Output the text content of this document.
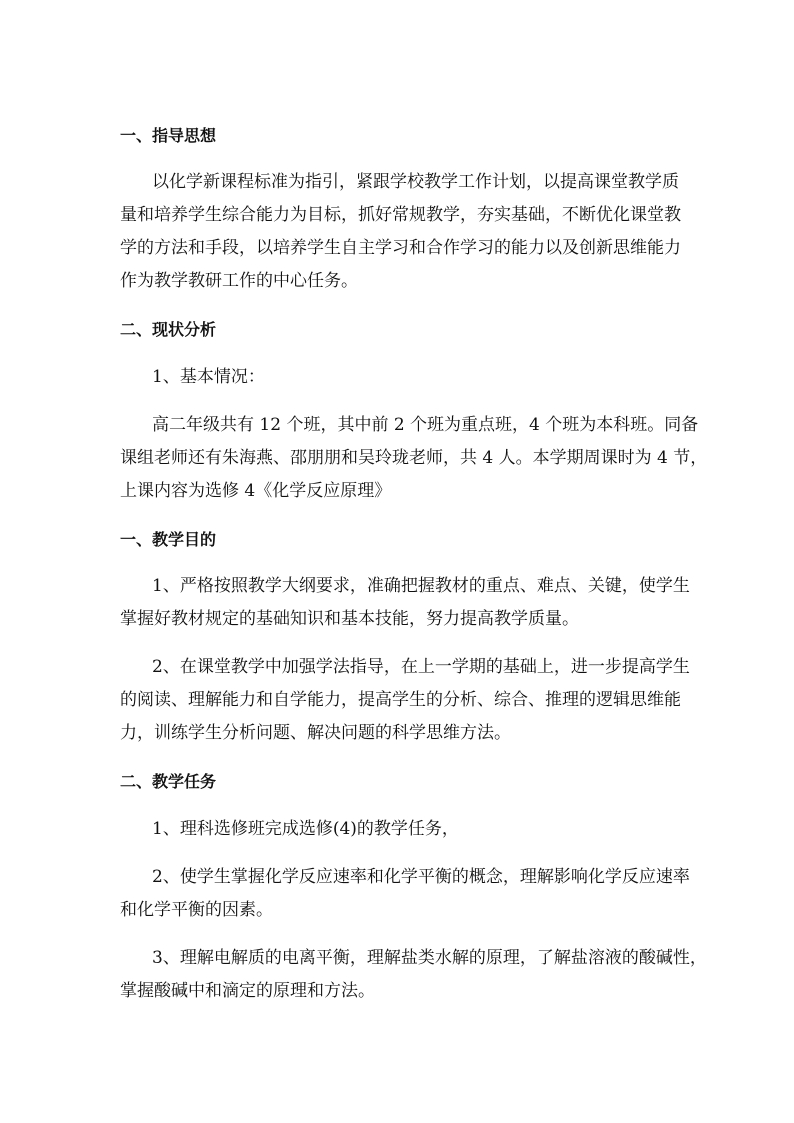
一、指导思想
以化学新课程标准为指引，紧跟学校教学工作计划，以提高课堂教学质
量和培养学生综合能力为目标，抓好常规教学，夯实基础，不断优化课堂教
学的方法和手段，以培养学生自主学习和合作学习的能力以及创新思维能力
作为教学教研工作的中心任务。
二、现状分析
1、基本情况：
高二年级共有 12 个班，其中前 2 个班为重点班，4 个班为本科班。同备
课组老师还有朱海燕、邵朋朋和吴玲珑老师，共 4 人。本学期周课时为 4 节，
上课内容为选修 4《化学反应原理》
一、教学目的
1、严格按照教学大纲要求，准确把握教材的重点、难点、关键，使学生
掌握好教材规定的基础知识和基本技能，努力提高教学质量。
2、在课堂教学中加强学法指导，在上一学期的基础上，进一步提高学生
的阅读、理解能力和自学能力，提高学生的分析、综合、推理的逻辑思维能
力，训练学生分析问题、解决问题的科学思维方法。
二、教学任务
1、理科选修班完成选修(4)的教学任务，
2、使学生掌握化学反应速率和化学平衡的概念，理解影响化学反应速率
和化学平衡的因素。
3、理解电解质的电离平衡，理解盐类水解的原理，了解盐溶液的酸碱性，
掌握酸碱中和滴定的原理和方法。
